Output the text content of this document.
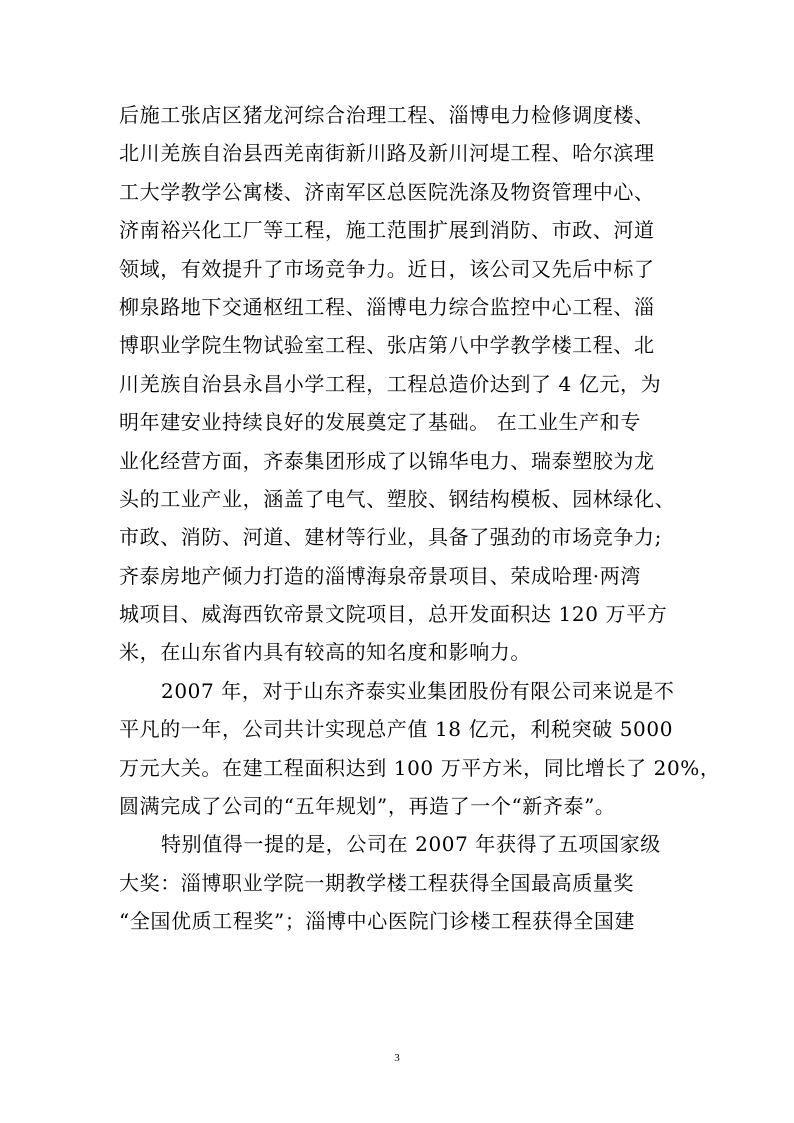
后施工张店区猪龙河综合治理工程、淄博电力检修调度楼、
北川羌族自治县西羌南街新川路及新川河堤工程、哈尔滨理
工大学教学公寓楼、济南军区总医院洗涤及物资管理中心、
济南裕兴化工厂等工程，施工范围扩展到消防、市政、河道
领域，有效提升了市场竞争力。近日，该公司又先后中标了
柳泉路地下交通枢纽工程、淄博电力综合监控中心工程、淄
博职业学院生物试验室工程、张店第八中学教学楼工程、北
川羌族自治县永昌小学工程，工程总造价达到了 4 亿元，为
明年建安业持续良好的发展奠定了基础。 在工业生产和专
业化经营方面，齐泰集团形成了以锦华电力、瑞泰塑胶为龙
头的工业产业，涵盖了电气、塑胶、钢结构模板、园林绿化、
市政、消防、河道、建材等行业，具备了强劲的市场竞争力;
齐泰房地产倾力打造的淄博海泉帝景项目、荣成哈理·两湾
城项目、威海西钦帝景文院项目，总开发面积达 120 万平方
米，在山东省内具有较高的知名度和影响力。
2007 年，对于山东齐泰实业集团股份有限公司来说是不
平凡的一年，公司共计实现总产值 18 亿元，利税突破 5000
万元大关。在建工程面积达到 100 万平方米，同比增长了 20%，
圆满完成了公司的“五年规划”，再造了一个“新齐泰”。
特别值得一提的是，公司在 2007 年获得了五项国家级
大奖：淄博职业学院一期教学楼工程获得全国最高质量奖
“全国优质工程奖”；淄博中心医院门诊楼工程获得全国建
3
